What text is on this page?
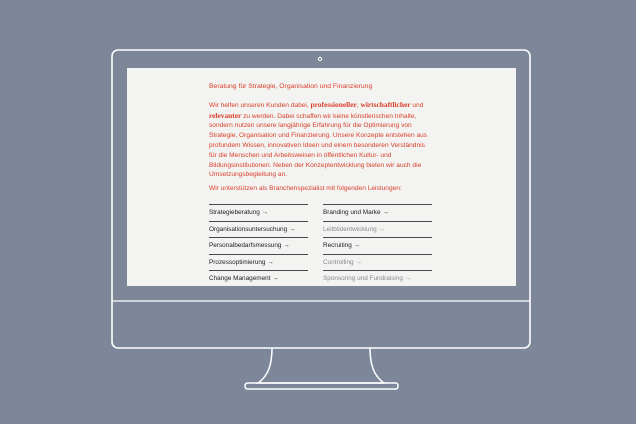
Beratung für Strategie, Organisation und Finanzierung

Wir helfen unseren Kunden dabei, professioneller, wirtschaftlicher und relevanter zu werden. Dabei schaffen wir keine künstlerischen Inhalte, sondern nutzen unsere langjährige Erfahrung für die Optimierung von Strategie, Organisation und Finanzierung. Unsere Konzepte entstehen aus profundem Wissen, innovativen Ideen und einem besonderen Verständnis für die Menschen und Arbeitsweisen in öffentlichen Kultur- und Bildungsinstitutionen. Neben der Konzeptentwicklung bieten wir auch die Umsetzungsbegleitung an.

Wir unterstützen als Branchenspezialist mit folgenden Leistungen:

Strategieberatung →	Branding und Marke →
Organisationsuntersuchung →	Leitbildentwicklung →
Personalbedarfsmessung →	Recruiting →
Prozessoptimierung →	Controlling →
Change Management →	Sponsoring und Fundraising →
